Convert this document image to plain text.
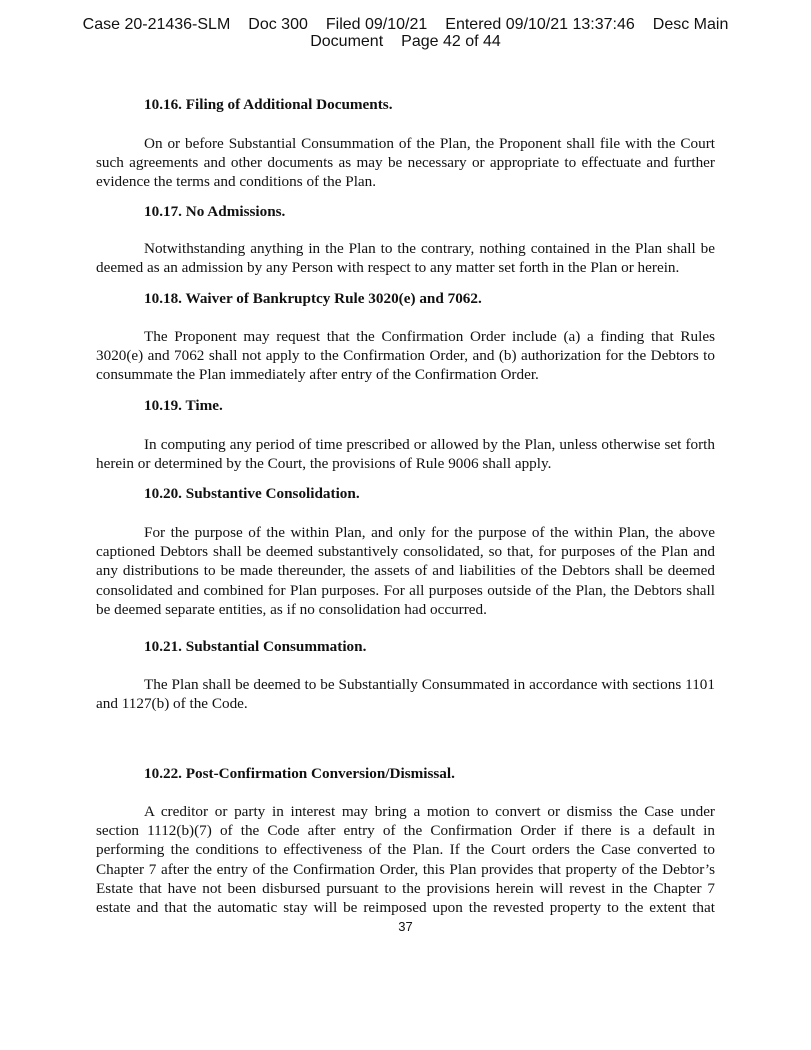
Case 20-21436-SLM Doc 300 Filed 09/10/21 Entered 09/10/21 13:37:46 Desc Main
Document Page 42 of 44
10.16. Filing of Additional Documents.
On or before Substantial Consummation of the Plan, the Proponent shall file with the Court such agreements and other documents as may be necessary or appropriate to effectuate and further evidence the terms and conditions of the Plan.
10.17. No Admissions.
Notwithstanding anything in the Plan to the contrary, nothing contained in the Plan shall be deemed as an admission by any Person with respect to any matter set forth in the Plan or herein.
10.18. Waiver of Bankruptcy Rule 3020(e) and 7062.
The Proponent may request that the Confirmation Order include (a) a finding that Rules 3020(e) and 7062 shall not apply to the Confirmation Order, and (b) authorization for the Debtors to consummate the Plan immediately after entry of the Confirmation Order.
10.19. Time.
In computing any period of time prescribed or allowed by the Plan, unless otherwise set forth herein or determined by the Court, the provisions of Rule 9006 shall apply.
10.20. Substantive Consolidation.
For the purpose of the within Plan, and only for the purpose of the within Plan, the above captioned Debtors shall be deemed substantively consolidated, so that, for purposes of the Plan and any distributions to be made thereunder, the assets of and liabilities of the Debtors shall be deemed consolidated and combined for Plan purposes. For all purposes outside of the Plan, the Debtors shall be deemed separate entities, as if no consolidation had occurred.
10.21. Substantial Consummation.
The Plan shall be deemed to be Substantially Consummated in accordance with sections 1101 and 1127(b) of the Code.
10.22. Post-Confirmation Conversion/Dismissal.
A creditor or party in interest may bring a motion to convert or dismiss the Case under section 1112(b)(7) of the Code after entry of the Confirmation Order if there is a default in performing the conditions to effectiveness of the Plan. If the Court orders the Case converted to Chapter 7 after the entry of the Confirmation Order, this Plan provides that property of the Debtor’s Estate that have not been disbursed pursuant to the provisions herein will revest in the Chapter 7 estate and that the automatic stay will be reimposed upon the revested property to the extent that
37
